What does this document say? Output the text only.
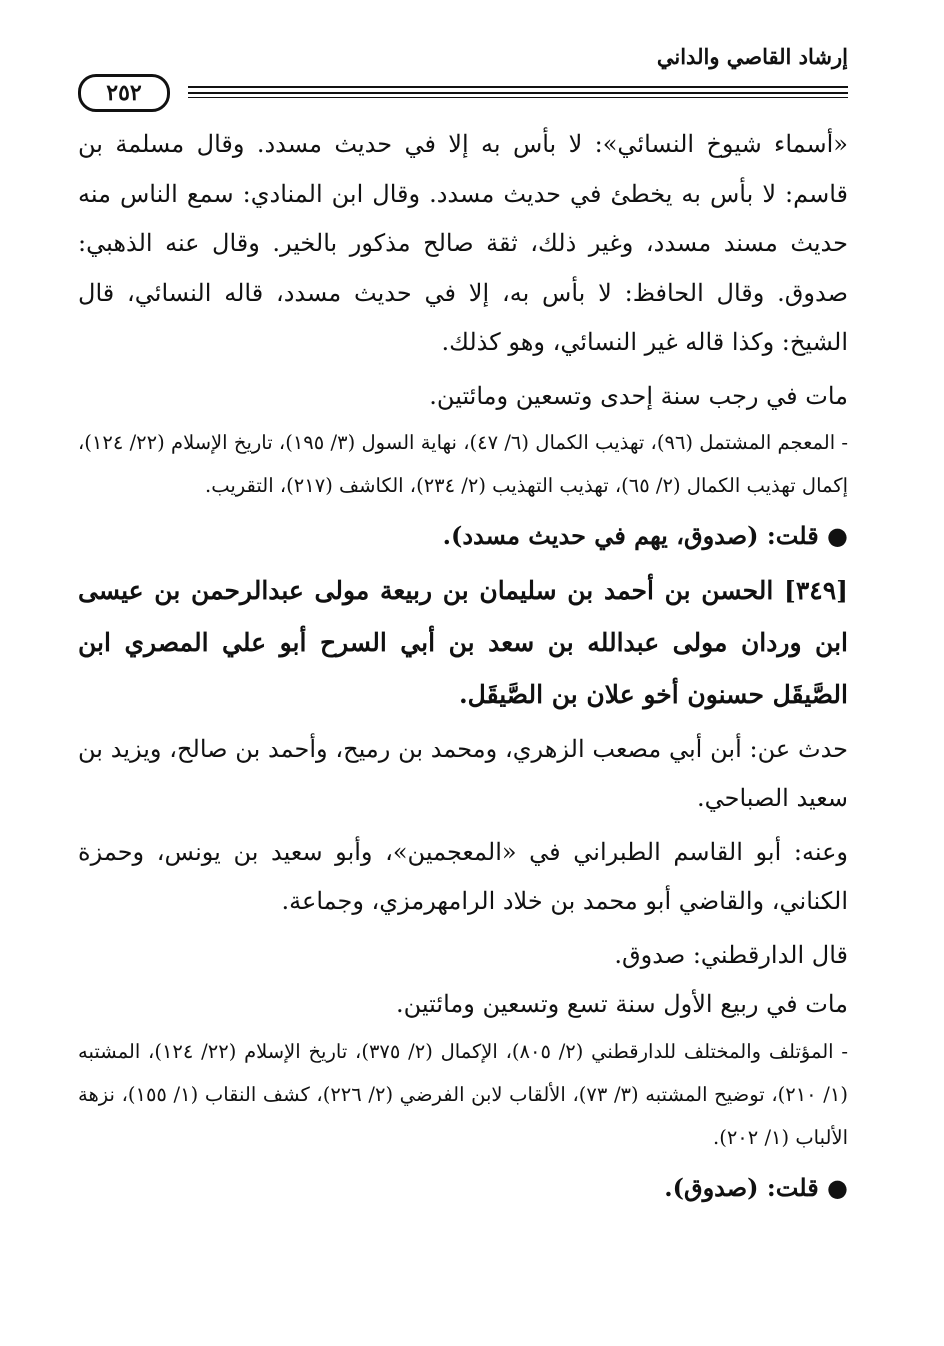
إرشاد القاصي والداني
٢٥٢

«أسماء شيوخ النسائي»: لا بأس به إلا في حديث مسدد. وقال مسلمة بن قاسم: لا بأس به يخطئ في حديث مسدد. وقال ابن المنادي: سمع الناس منه حديث مسند مسدد، وغير ذلك، ثقة صالح مذكور بالخير. وقال عنه الذهبي: صدوق. وقال الحافظ: لا بأس به، إلا في حديث مسدد، قاله النسائي، قال الشيخ: وكذا قاله غير النسائي، وهو كذلك.

مات في رجب سنة إحدى وتسعين ومائتين.

- المعجم المشتمل (٩٦)، تهذيب الكمال (٦/ ٤٧)، نهاية السول (٣/ ١٩٥)، تاريخ الإسلام (٢٢/ ١٢٤)، إكمال تهذيب الكمال (٢/ ٦٥)، تهذيب التهذيب (٢/ ٢٣٤)، الكاشف (٢١٧)، التقريب.

● قلت: (صدوق، يهم في حديث مسدد).

[٣٤٩] الحسن بن أحمد بن سليمان بن ربيعة مولى عبدالرحمن بن عيسى ابن وردان مولى عبدالله بن سعد بن أبي السرح أبو علي المصري ابن الصَّيقَل حسنون أخو علان بن الصَّيقَل.

حدث عن: أبن أبي مصعب الزهري، ومحمد بن رميح، وأحمد بن صالح، ويزيد بن سعيد الصباحي.

وعنه: أبو القاسم الطبراني في «المعجمين»، وأبو سعيد بن يونس، وحمزة الكناني، والقاضي أبو محمد بن خلاد الرامهرمزي، وجماعة.

قال الدارقطني: صدوق.

مات في ربيع الأول سنة تسع وتسعين ومائتين.

- المؤتلف والمختلف للدارقطني (٢/ ٨٠٥)، الإكمال (٢/ ٣٧٥)، تاريخ الإسلام (٢٢/ ١٢٤)، المشتبه (١/ ٢١٠)، توضيح المشتبه (٣/ ٧٣)، الألقاب لابن الفرضي (٢/ ٢٢٦)، كشف النقاب (١/ ١٥٥)، نزهة الألباب (١/ ٢٠٢).

● قلت: (صدوق).
